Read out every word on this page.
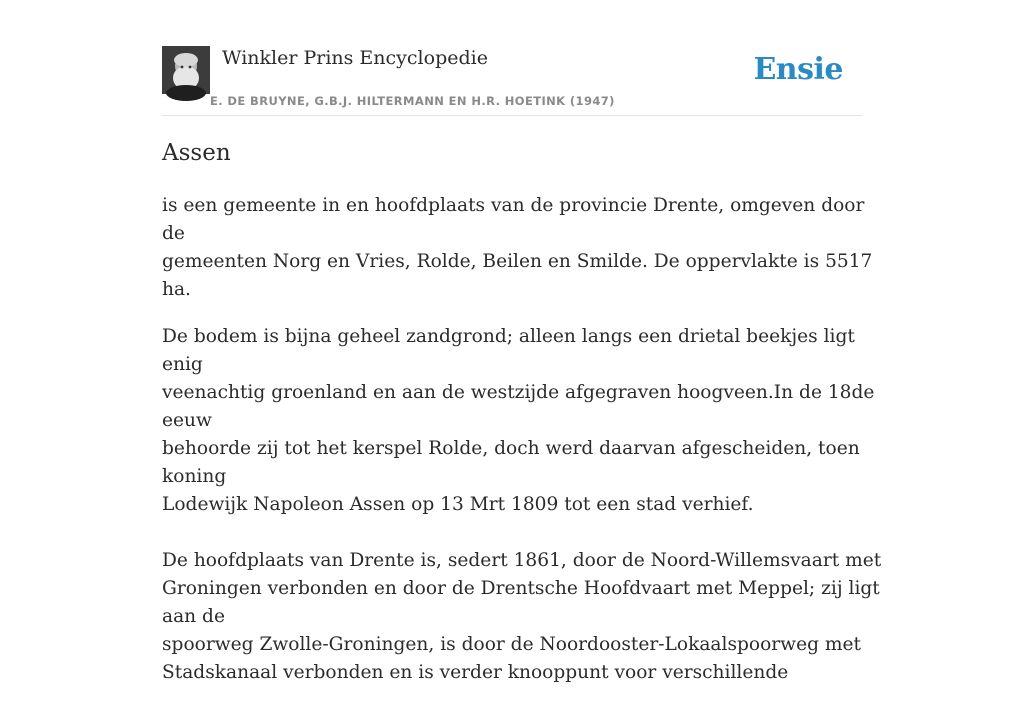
Winkler Prins Encyclopedie
E. DE BRUYNE, G.B.J. HILTERMANN EN H.R. HOETINK (1947)
Ensie
Assen

is een gemeente in en hoofdplaats van de provincie Drente, omgeven door de
gemeenten Norg en Vries, Rolde, Beilen en Smilde. De oppervlakte is 5517 ha.

De bodem is bijna geheel zandgrond; alleen langs een drietal beekjes ligt enig
veenachtig groenland en aan de westzijde afgegraven hoogveen.In de 18de eeuw
behoorde zij tot het kerspel Rolde, doch werd daarvan afgescheiden, toen koning
Lodewijk Napoleon Assen op 13 Mrt 1809 tot een stad verhief.

De hoofdplaats van Drente is, sedert 1861, door de Noord-Willemsvaart met
Groningen verbonden en door de Drentsche Hoofdvaart met Meppel; zij ligt aan de
spoorweg Zwolle-Groningen, is door de Noordooster-Lokaalspoorweg met
Stadskanaal verbonden en is verder knooppunt voor verschillende
